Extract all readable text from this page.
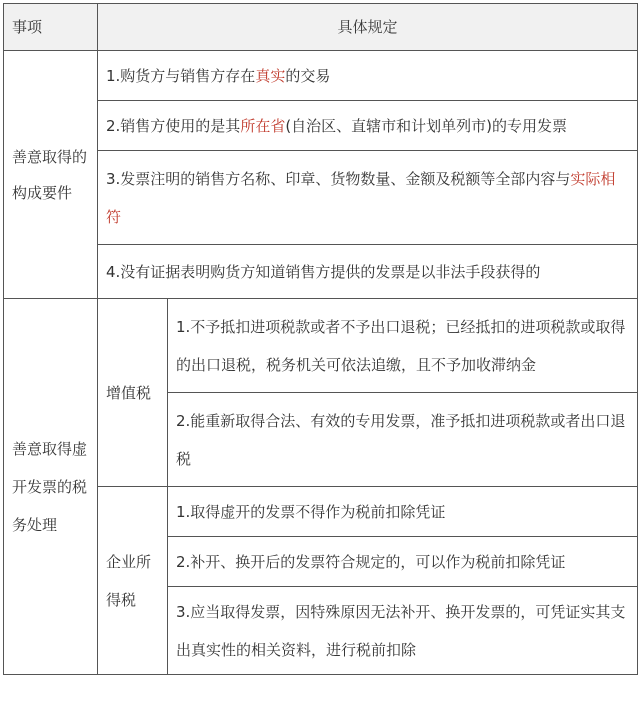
事项	具体规定	
善意取得的构成要件	1.购货方与销售方存在真实的交易	
	2.销售方使用的是其所在省(自治区、直辖市和计划单列市)的专用发票	
	3.发票注明的销售方名称、印章、货物数量、金额及税额等全部内容与实际相符	
	4.没有证据表明购货方知道销售方提供的发票是以非法手段获得的	
善意取得虚开发票的税务处理	增值税	1.不予抵扣进项税款或者不予出口退税；已经抵扣的进项税款或取得的出口退税，税务机关可依法追缴，且不予加收滞纳金
		2.能重新取得合法、有效的专用发票，准予抵扣进项税款或者出口退税
	企业所得税	1.取得虚开的发票不得作为税前扣除凭证
		2.补开、换开后的发票符合规定的，可以作为税前扣除凭证
		3.应当取得发票，因特殊原因无法补开、换开发票的，可凭证实其支出真实性的相关资料，进行税前扣除
